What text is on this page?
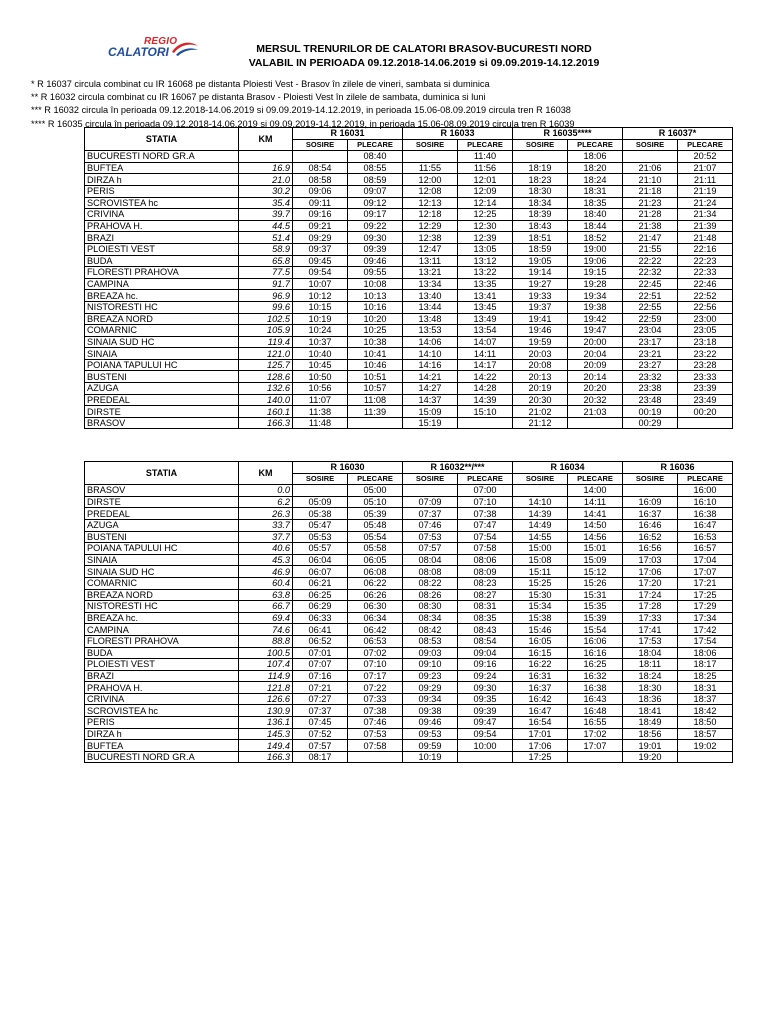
REGIO
CALATORI	MERSUL TRENURILOR DE CALATORI BRASOV-BUCURESTI NORD
VALABIL IN PERIOADA 09.12.2018-14.06.2019 si 09.09.2019-14.12.2019
* R 16037 circula combinat cu IR 16068 pe distanta Ploiesti Vest - Brasov în zilele de vineri, sambata si duminica
** R 16032 circula combinat cu IR 16067 pe distanta Brasov - Ploiesti Vest în zilele de sambata, duminica si luni
*** R 16032 circula în perioada 09.12.2018-14.06.2019 si 09.09.2019-14.12.2019, in perioada 15.06-08.09.2019 circula tren R 16038
**** R 16035 circula în perioada 09.12.2018-14.06.2019 si 09.09.2019-14.12.2019, in perioada 15.06-08.09.2019 circula tren R 16039
STATIA	KM	R 16031		R 16033		R 16035****		R 16037*	
		SOSIRE	PLECARE	SOSIRE	PLECARE	SOSIRE	PLECARE	SOSIRE	PLECARE
BUCURESTI NORD GR.A			08:40		11:40		18:06		20:52
BUFTEA	16.9	08:54	08:55	11:55	11:56	18:19	18:20	21:06	21:07
DIRZA h	21.0	08:58	08:59	12:00	12:01	18:23	18:24	21:10	21:11
PERIS	30.2	09:06	09:07	12:08	12:09	18:30	18:31	21:18	21:19
SCROVISTEA hc	35.4	09:11	09:12	12:13	12:14	18:34	18:35	21:23	21:24
CRIVINA	39.7	09:16	09:17	12:18	12:25	18:39	18:40	21:28	21:34
PRAHOVA H.	44.5	09:21	09:22	12:29	12:30	18:43	18:44	21:38	21:39
BRAZI	51.4	09:29	09:30	12:38	12:39	18:51	18:52	21:47	21:48
PLOIESTI VEST	58.9	09:37	09:39	12:47	13:05	18:59	19:00	21:55	22:16
BUDA	65.8	09:45	09:46	13:11	13:12	19:05	19:06	22:22	22:23
FLORESTI PRAHOVA	77.5	09:54	09:55	13:21	13:22	19:14	19:15	22:32	22:33
CAMPINA	91.7	10:07	10:08	13:34	13:35	19:27	19:28	22:45	22:46
BREAZA hc.	96.9	10:12	10:13	13:40	13:41	19:33	19:34	22:51	22:52
NISTORESTI HC	99.6	10:15	10:16	13:44	13:45	19:37	19:38	22:55	22:56
BREAZA NORD	102.5	10:19	10:20	13:48	13:49	19:41	19:42	22:59	23:00
COMARNIC	105.9	10:24	10:25	13:53	13:54	19:46	19:47	23:04	23:05
SINAIA SUD HC	119.4	10:37	10:38	14:06	14:07	19:59	20:00	23:17	23:18
SINAIA	121.0	10:40	10:41	14:10	14:11	20:03	20:04	23:21	23:22
POIANA TAPULUI HC	125.7	10:45	10:46	14:16	14:17	20:08	20:09	23:27	23:28
BUSTENI	128.6	10:50	10:51	14:21	14:22	20:13	20:14	23:32	23:33
AZUGA	132.6	10:56	10:57	14:27	14:28	20:19	20:20	23:38	23:39
PREDEAL	140.0	11:07	11:08	14:37	14:39	20:30	20:32	23:48	23:49
DIRSTE	160.1	11:38	11:39	15:09	15:10	21:02	21:03	00:19	00:20
BRASOV	166.3	11:48		15:19		21:12		00:29	
STATIA	KM	R 16030		R 16032**/***		R 16034		R 16036	
		SOSIRE	PLECARE	SOSIRE	PLECARE	SOSIRE	PLECARE	SOSIRE	PLECARE
BRASOV	0.0		05:00		07:00		14:00		16:00
DIRSTE	6.2	05:09	05:10	07:09	07:10	14:10	14:11	16:09	16:10
PREDEAL	26.3	05:38	05:39	07:37	07:38	14:39	14:41	16:37	16:38
AZUGA	33.7	05:47	05:48	07:46	07:47	14:49	14:50	16:46	16:47
BUSTENI	37.7	05:53	05:54	07:53	07:54	14:55	14:56	16:52	16:53
POIANA TAPULUI HC	40.6	05:57	05:58	07:57	07:58	15:00	15:01	16:56	16:57
SINAIA	45.3	06:04	06:05	08:04	08:06	15:08	15:09	17:03	17:04
SINAIA SUD HC	46.9	06:07	06:08	08:08	08:09	15:11	15:12	17:06	17:07
COMARNIC	60.4	06:21	06:22	08:22	08:23	15:25	15:26	17:20	17:21
BREAZA NORD	63.8	06:25	06:26	08:26	08:27	15:30	15:31	17:24	17:25
NISTORESTI HC	66.7	06:29	06:30	08:30	08:31	15:34	15:35	17:28	17:29
BREAZA hc.	69.4	06:33	06:34	08:34	08:35	15:38	15:39	17:33	17:34
CAMPINA	74.6	06:41	06:42	08:42	08:43	15:46	15:54	17:41	17:42
FLORESTI PRAHOVA	88.8	06:52	06:53	08:53	08:54	16:05	16:06	17:53	17:54
BUDA	100.5	07:01	07:02	09:03	09:04	16:15	16:16	18:04	18:06
PLOIESTI VEST	107.4	07:07	07:10	09:10	09:16	16:22	16:25	18:11	18:17
BRAZI	114.9	07:16	07:17	09:23	09:24	16:31	16:32	18:24	18:25
PRAHOVA H.	121.8	07:21	07:22	09:29	09:30	16:37	16:38	18:30	18:31
CRIVINA	126.6	07:27	07:33	09:34	09:35	16:42	16:43	18:36	18:37
SCROVISTEA hc	130.9	07:37	07:38	09:38	09:39	16:47	16:48	18:41	18:42
PERIS	136.1	07:45	07:46	09:46	09:47	16:54	16:55	18:49	18:50
DIRZA h	145.3	07:52	07:53	09:53	09:54	17:01	17:02	18:56	18:57
BUFTEA	149.4	07:57	07:58	09:59	10:00	17:06	17:07	19:01	19:02
BUCURESTI NORD GR.A	166.3	08:17		10:19		17:25		19:20	
